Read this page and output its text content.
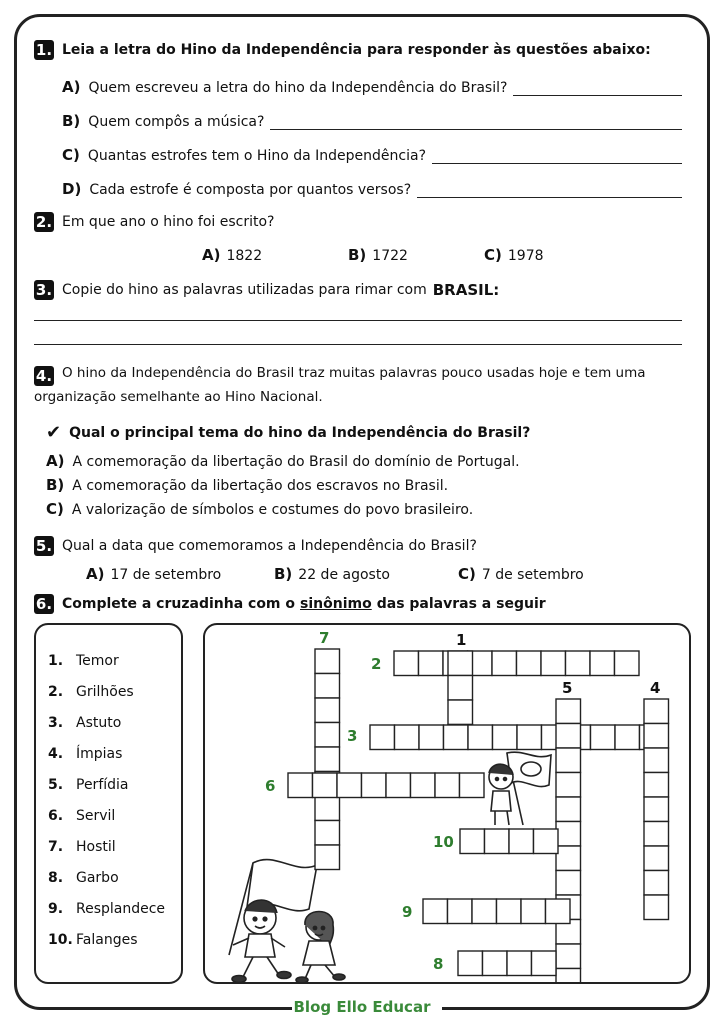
1. Leia a letra do Hino da Independência para responder às questões abaixo:
A) Quem escreveu a letra do hino da Independência do Brasil?
B) Quem compôs a música?
C) Quantas estrofes tem o Hino da Independência?
D) Cada estrofe é composta por quantos versos?
2. Em que ano o hino foi escrito?
A) 1822	B) 1722	C) 1978
3. Copie do hino as palavras utilizadas para rimar com BRASIL:
4. O hino da Independência do Brasil traz muitas palavras pouco usadas hoje e tem uma organização semelhante ao Hino Nacional.
✔ Qual o principal tema do hino da Independência do Brasil?
A) A comemoração da libertação do Brasil do domínio de Portugal.
B) A comemoração da libertação dos escravos no Brasil.
C) A valorização de símbolos e costumes do povo brasileiro.
5. Qual a data que comemoramos a Independência do Brasil?
A) 17 de setembro	B) 22 de agosto	C) 7 de setembro
6. Complete a cruzadinha com o sinônimo das palavras a seguir
1. Temor
2. Grilhões
3. Astuto
4. Ímpias
5. Perfídia
6. Servil
7. Hostil
8. Garbo
9. Resplandece
10. Falanges
7	1
2
5	4
3
6
10
9
8
Blog Ello Educar
